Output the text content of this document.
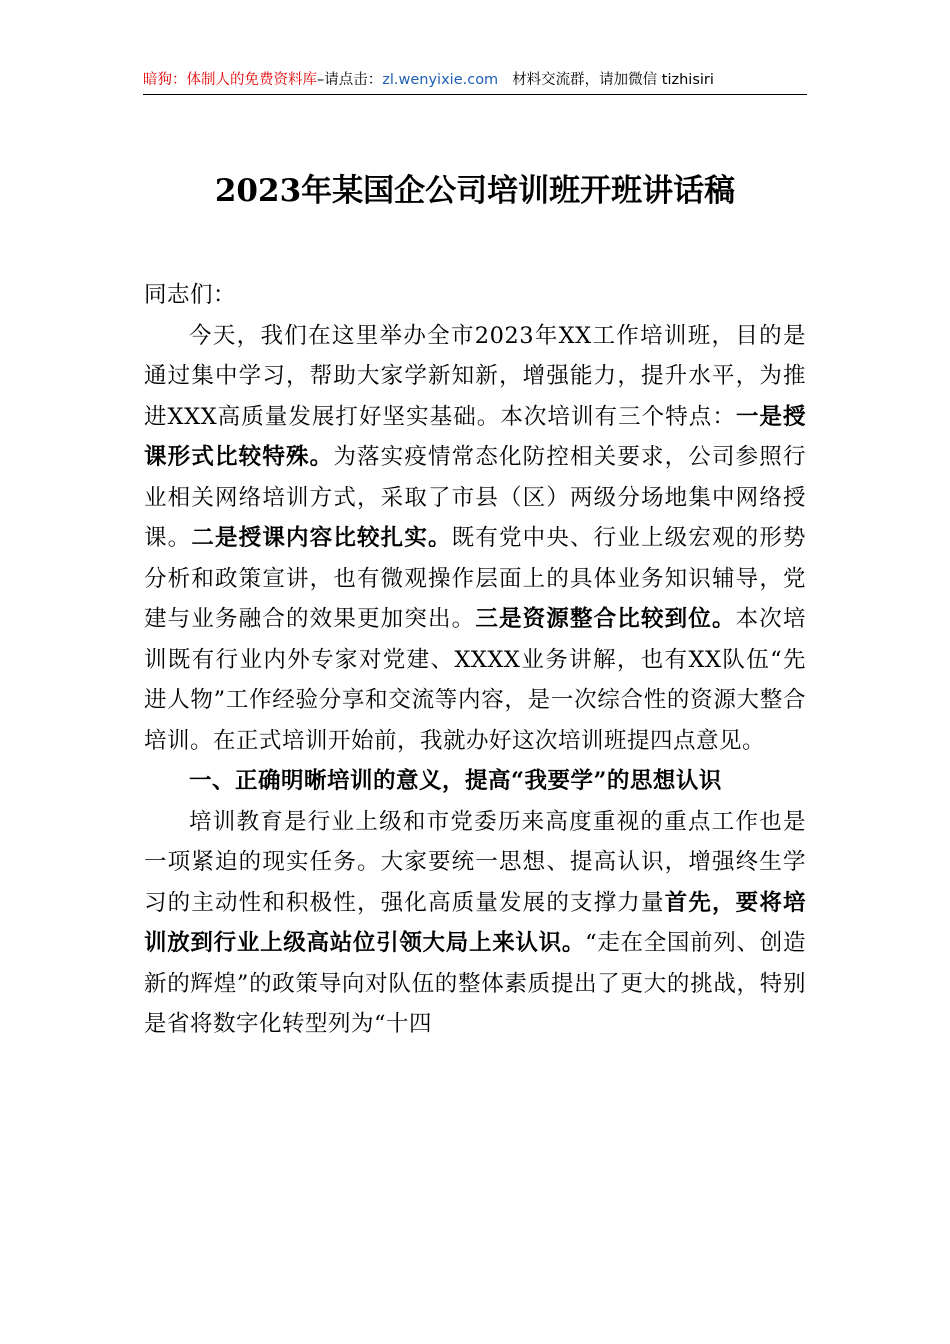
暗狗：体制人的免费资料库–请点击：zl.wenyixie.com 材料交流群，请加微信 tizhisiri
2023年某国企公司培训班开班讲话稿

同志们：

今天，我们在这里举办全市2023年XX工作培训班，目的是通过集中学习，帮助大家学新知新，增强能力，提升水平，为推进XXX高质量发展打好坚实基础。本次培训有三个特点：一是授课形式比较特殊。为落实疫情常态化防控相关要求，公司参照行业相关网络培训方式，采取了市县（区）两级分场地集中网络授课。二是授课内容比较扎实。既有党中央、行业上级宏观的形势分析和政策宣讲，也有微观操作层面上的具体业务知识辅导，党建与业务融合的效果更加突出。三是资源整合比较到位。本次培训既有行业内外专家对党建、XXXX业务讲解，也有XX队伍“先进人物”工作经验分享和交流等内容，是一次综合性的资源大整合培训。在正式培训开始前，我就办好这次培训班提四点意见。

一、正确明晰培训的意义，提高“我要学”的思想认识

培训教育是行业上级和市党委历来高度重视的重点工作也是一项紧迫的现实任务。大家要统一思想、提高认识，增强终生学习的主动性和积极性，强化高质量发展的支撑力量首先，要将培训放到行业上级高站位引领大局上来认识。“走在全国前列、创造新的辉煌”的政策导向对队伍的整体素质提出了更大的挑战，特别是省将数字化转型列为“十四
